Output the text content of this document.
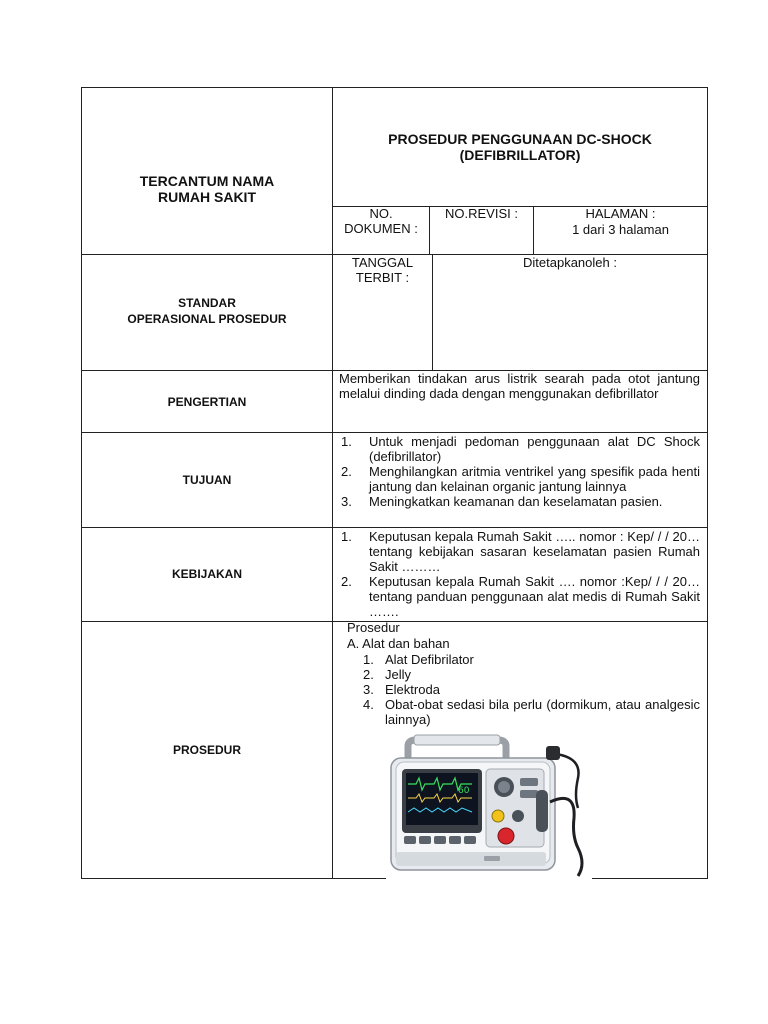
TERCANTUM NAMA
RUMAH SAKIT
PROSEDUR PENGGUNAAN DC-SHOCK
(DEFIBRILLATOR)
NO.
DOKUMEN :
NO.REVISI :	HALAMAN :
1 dari 3 halaman
STANDAR
OPERASIONAL PROSEDUR
TANGGAL
TERBIT :
Ditetapkanoleh :
PENGERTIAN
Memberikan tindakan arus listrik searah pada otot jantung melalui dinding dada dengan menggunakan defibrillator
TUJUAN
1. Untuk menjadi pedoman penggunaan alat DC Shock (defibrillator)
2. Menghilangkan aritmia ventrikel yang spesifik pada henti jantung dan kelainan organic jantung lainnya
3. Meningkatkan keamanan dan keselamatan pasien.
KEBIJAKAN
1. Keputusan kepala Rumah Sakit ….. nomor : Kep/ / / 20… tentang kebijakan sasaran keselamatan pasien Rumah Sakit ………
2. Keputusan kepala Rumah Sakit …. nomor :Kep/ / / 20… tentang panduan penggunaan alat medis di Rumah Sakit …….
PROSEDUR
Prosedur
A. Alat dan bahan
1. Alat Defibrilator
2. Jelly
3. Elektroda
4. Obat-obat sedasi bila perlu (dormikum, atau analgesic lainnya)
60
